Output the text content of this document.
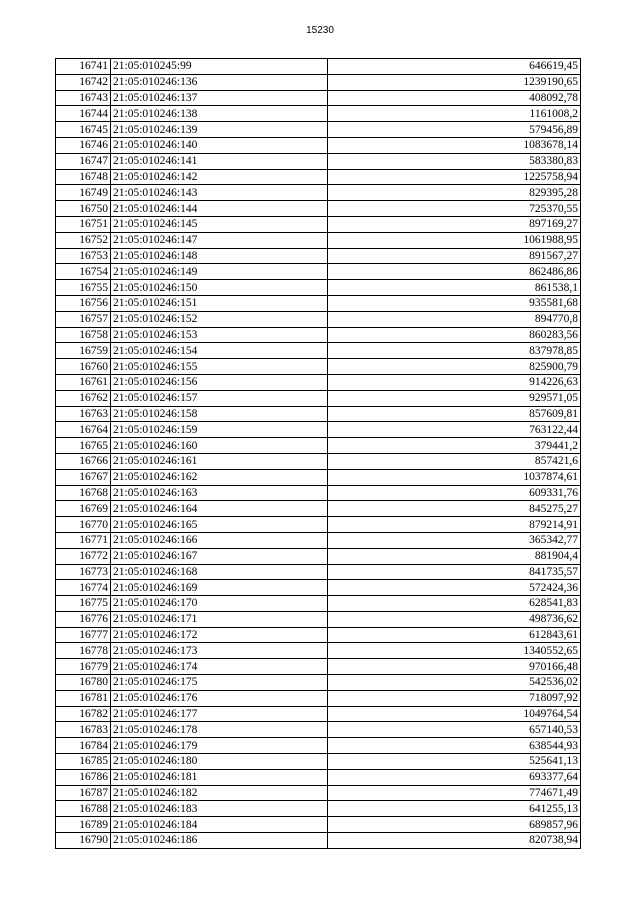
15230
16741	21:05:010245:99	646619,45
16742	21:05:010246:136	1239190,65
16743	21:05:010246:137	408092,78
16744	21:05:010246:138	1161008,2
16745	21:05:010246:139	579456,89
16746	21:05:010246:140	1083678,14
16747	21:05:010246:141	583380,83
16748	21:05:010246:142	1225758,94
16749	21:05:010246:143	829395,28
16750	21:05:010246:144	725370,55
16751	21:05:010246:145	897169,27
16752	21:05:010246:147	1061988,95
16753	21:05:010246:148	891567,27
16754	21:05:010246:149	862486,86
16755	21:05:010246:150	861538,1
16756	21:05:010246:151	935581,68
16757	21:05:010246:152	894770,8
16758	21:05:010246:153	860283,56
16759	21:05:010246:154	837978,85
16760	21:05:010246:155	825900,79
16761	21:05:010246:156	914226,63
16762	21:05:010246:157	929571,05
16763	21:05:010246:158	857609,81
16764	21:05:010246:159	763122,44
16765	21:05:010246:160	379441,2
16766	21:05:010246:161	857421,6
16767	21:05:010246:162	1037874,61
16768	21:05:010246:163	609331,76
16769	21:05:010246:164	845275,27
16770	21:05:010246:165	879214,91
16771	21:05:010246:166	365342,77
16772	21:05:010246:167	881904,4
16773	21:05:010246:168	841735,57
16774	21:05:010246:169	572424,36
16775	21:05:010246:170	628541,83
16776	21:05:010246:171	498736,62
16777	21:05:010246:172	612843,61
16778	21:05:010246:173	1340552,65
16779	21:05:010246:174	970166,48
16780	21:05:010246:175	542536,02
16781	21:05:010246:176	718097,92
16782	21:05:010246:177	1049764,54
16783	21:05:010246:178	657140,53
16784	21:05:010246:179	638544,93
16785	21:05:010246:180	525641,13
16786	21:05:010246:181	693377,64
16787	21:05:010246:182	774671,49
16788	21:05:010246:183	641255,13
16789	21:05:010246:184	689857,96
16790	21:05:010246:186	820738,94
